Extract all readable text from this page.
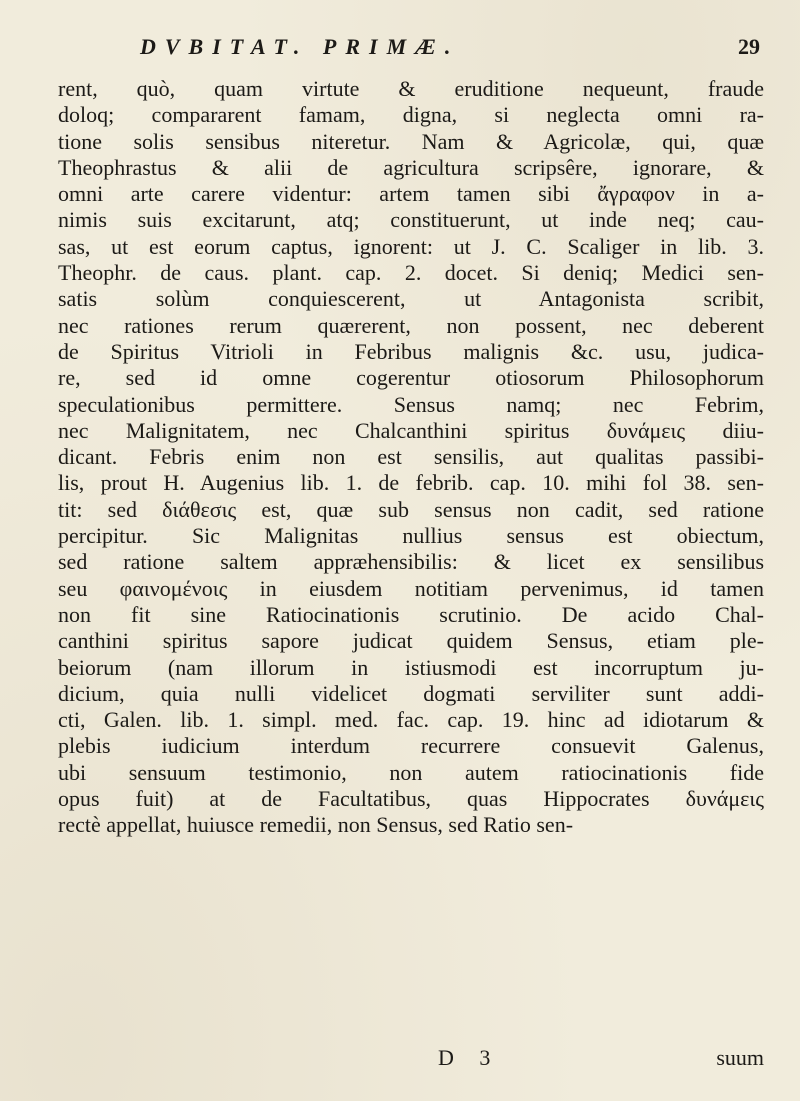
DVBITAT. PRIMÆ.	29
rent, quò, quam virtute & eruditione nequeunt, fraude
doloq; compararent famam, digna, si neglecta omni ra-
tione solis sensibus niteretur. Nam & Agricolæ, qui, quæ
Theophrastus & alii de agricultura scripsêre, ignorare, &
omni arte carere videntur: artem tamen sibi ἄγραφον in a-
nimis suis excitarunt, atq; constituerunt, ut inde neq; cau-
sas, ut est eorum captus, ignorent: ut J. C. Scaliger in lib. 3.
Theophr. de caus. plant. cap. 2. docet. Si deniq; Medici sen-
satis solùm conquiescerent, ut Antagonista scribit,
nec rationes rerum quærerent, non possent, nec deberent
de Spiritus Vitrioli in Febribus malignis &c. usu, judica-
re, sed id omne cogerentur otiosorum Philosophorum
speculationibus permittere. Sensus namq; nec Febrim,
nec Malignitatem, nec Chalcanthini spiritus δυνάμεις diiu-
dicant. Febris enim non est sensilis, aut qualitas passibi-
lis, prout H. Augenius lib. 1. de febrib. cap. 10. mihi fol 38. sen-
tit: sed διάθεσις est, quæ sub sensus non cadit, sed ratione
percipitur. Sic Malignitas nullius sensus est obiectum,
sed ratione saltem appræhensibilis: & licet ex sensilibus
seu φαινομένοις in eiusdem notitiam pervenimus, id tamen
non fit sine Ratiocinationis scrutinio. De acido Chal-
canthini spiritus sapore judicat quidem Sensus, etiam ple-
beiorum (nam illorum in istiusmodi est incorruptum ju-
dicium, quia nulli videlicet dogmati serviliter sunt addi-
cti, Galen. lib. 1. simpl. med. fac. cap. 19. hinc ad idiotarum &
plebis iudicium interdum recurrere consuevit Galenus,
ubi sensuum testimonio, non autem ratiocinationis fide
opus fuit) at de Facultatibus, quas Hippocrates δυνάμεις
rectè appellat, huiusce remedii, non Sensus, sed Ratio sen-
D 3	suum
